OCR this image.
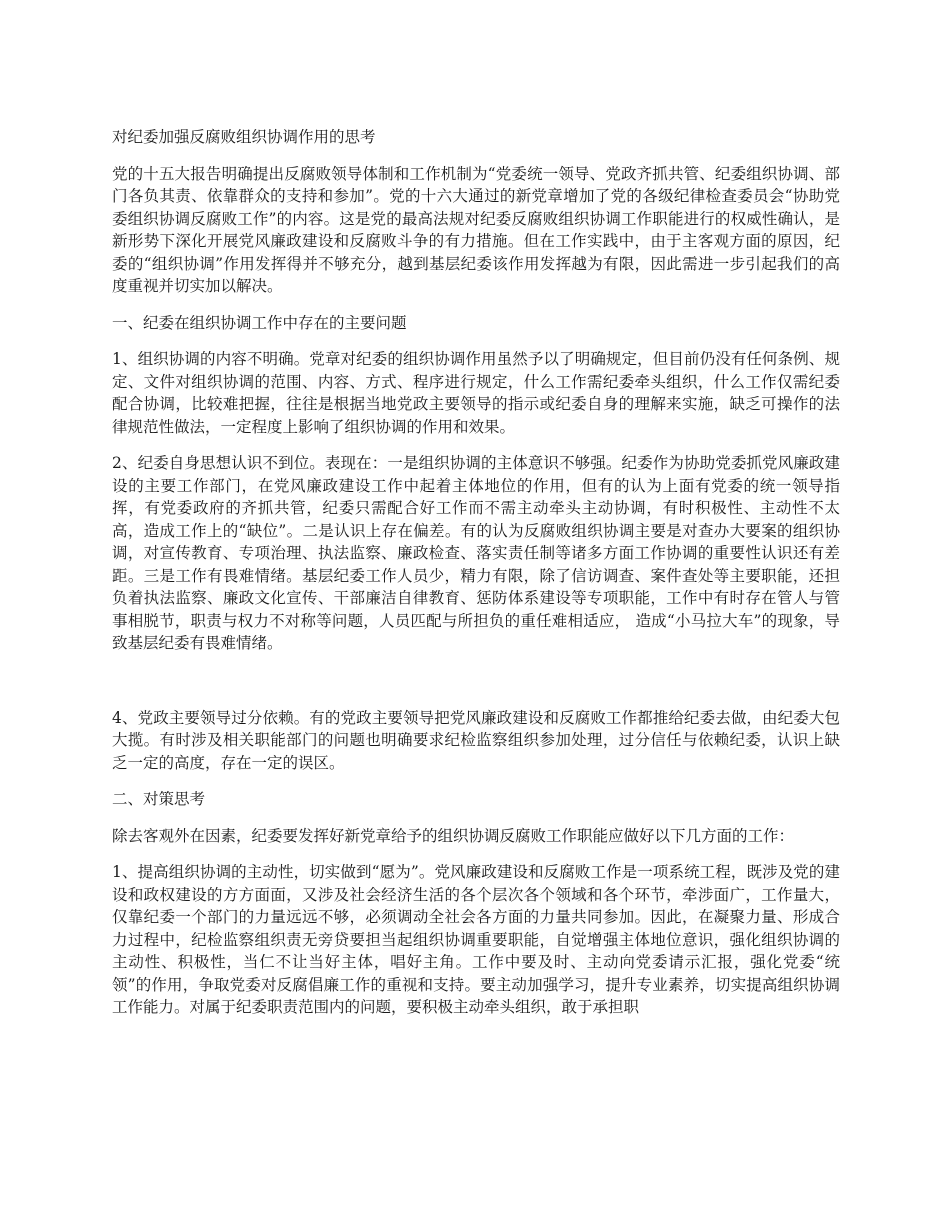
对纪委加强反腐败组织协调作用的思考

党的十五大报告明确提出反腐败领导体制和工作机制为“党委统一领导、党政齐抓共管、纪委组织协调、部门各负其责、依靠群众的支持和参加”。党的十六大通过的新党章增加了党的各级纪律检查委员会“协助党委组织协调反腐败工作”的内容。这是党的最高法规对纪委反腐败组织协调工作职能进行的权威性确认，是新形势下深化开展党风廉政建设和反腐败斗争的有力措施。但在工作实践中，由于主客观方面的原因，纪委的“组织协调”作用发挥得并不够充分，越到基层纪委该作用发挥越为有限，因此需进一步引起我们的高度重视并切实加以解决。

一、纪委在组织协调工作中存在的主要问题

1、组织协调的内容不明确。党章对纪委的组织协调作用虽然予以了明确规定，但目前仍没有任何条例、规定、文件对组织协调的范围、内容、方式、程序进行规定，什么工作需纪委牵头组织，什么工作仅需纪委配合协调，比较难把握，往往是根据当地党政主要领导的指示或纪委自身的理解来实施，缺乏可操作的法律规范性做法，一定程度上影响了组织协调的作用和效果。

2、纪委自身思想认识不到位。表现在：一是组织协调的主体意识不够强。纪委作为协助党委抓党风廉政建设的主要工作部门，在党风廉政建设工作中起着主体地位的作用，但有的认为上面有党委的统一领导指挥，有党委政府的齐抓共管，纪委只需配合好工作而不需主动牵头主动协调，有时积极性、主动性不太高，造成工作上的“缺位”。二是认识上存在偏差。有的认为反腐败组织协调主要是对查办大要案的组织协调，对宣传教育、专项治理、执法监察、廉政检查、落实责任制等诸多方面工作协调的重要性认识还有差距。三是工作有畏难情绪。基层纪委工作人员少，精力有限，除了信访调查、案件查处等主要职能，还担负着执法监察、廉政文化宣传、干部廉洁自律教育、惩防体系建设等专项职能，工作中有时存在管人与管事相脱节，职责与权力不对称等问题，人员匹配与所担负的重任难相适应， 造成“小马拉大车”的现象，导致基层纪委有畏难情绪。

4、党政主要领导过分依赖。有的党政主要领导把党风廉政建设和反腐败工作都推给纪委去做，由纪委大包大揽。有时涉及相关职能部门的问题也明确要求纪检监察组织参加处理，过分信任与依赖纪委，认识上缺乏一定的高度，存在一定的误区。

二、对策思考

除去客观外在因素，纪委要发挥好新党章给予的组织协调反腐败工作职能应做好以下几方面的工作：

1、提高组织协调的主动性，切实做到“愿为”。党风廉政建设和反腐败工作是一项系统工程，既涉及党的建设和政权建设的方方面面，又涉及社会经济生活的各个层次各个领域和各个环节，牵涉面广，工作量大，仅靠纪委一个部门的力量远远不够，必须调动全社会各方面的力量共同参加。因此，在凝聚力量、形成合力过程中，纪检监察组织责无旁贷要担当起组织协调重要职能，自觉增强主体地位意识，强化组织协调的主动性、积极性，当仁不让当好主体，唱好主角。工作中要及时、主动向党委请示汇报，强化党委“统领”的作用，争取党委对反腐倡廉工作的重视和支持。要主动加强学习，提升专业素养，切实提高组织协调工作能力。对属于纪委职责范围内的问题，要积极主动牵头组织，敢于承担职
